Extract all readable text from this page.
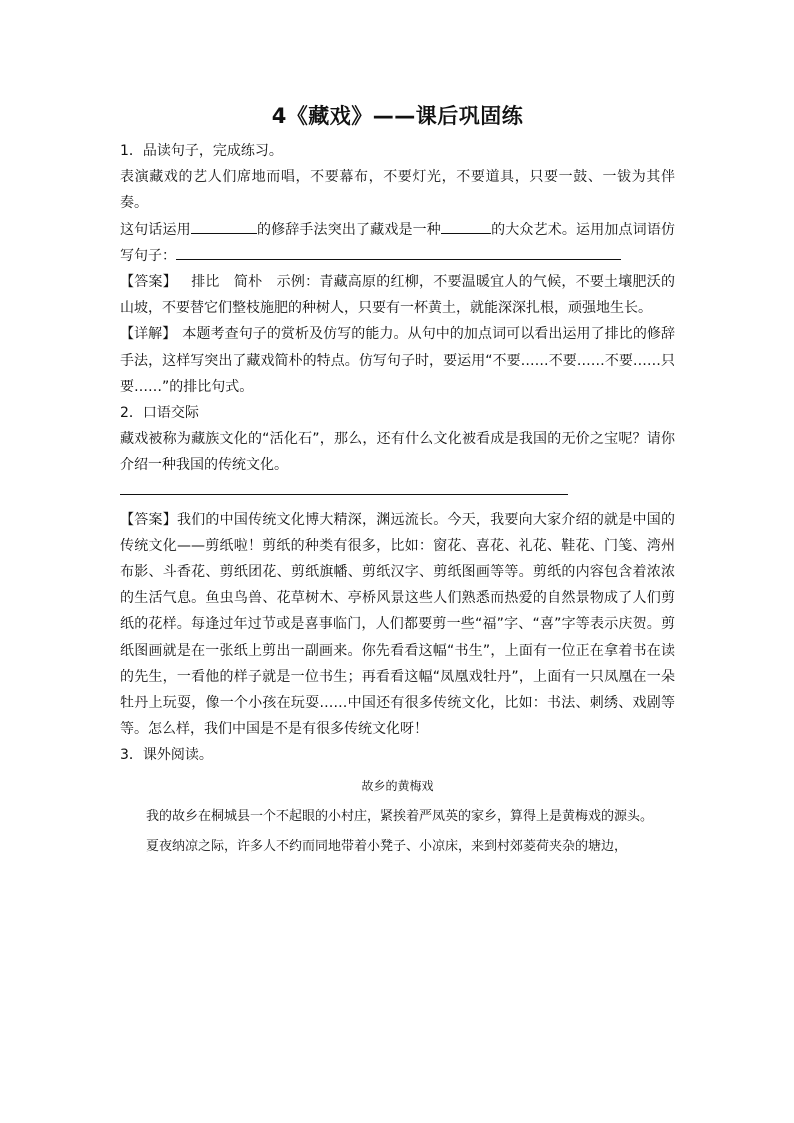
4《藏戏》——课后巩固练

1．品读句子，完成练习。

表演藏戏的艺人们席地而唱，不要幕布，不要灯光，不要道具，只要一鼓、一钹为其伴奏。

这句话运用	的修辞手法突出了藏戏是一种	的大众艺术。运用加点词语仿写句子：

【答案】 排比 简朴 示例：青藏高原的红柳，不要温暖宜人的气候，不要土壤肥沃的山坡，不要替它们整枝施肥的种树人，只要有一杯黄土，就能深深扎根，顽强地生长。

【详解】 本题考查句子的赏析及仿写的能力。从句中的加点词可以看出运用了排比的修辞手法，这样写突出了藏戏简朴的特点。仿写句子时，要运用“不要……不要……不要……只要……”的排比句式。

2．口语交际

藏戏被称为藏族文化的“活化石”，那么，还有什么文化被看成是我国的无价之宝呢？请你介绍一种我国的传统文化。

【答案】我们的中国传统文化博大精深，渊远流长。今天，我要向大家介绍的就是中国的传统文化——剪纸啦！剪纸的种类有很多，比如：窗花、喜花、礼花、鞋花、门笺、湾州布影、斗香花、剪纸团花、剪纸旗幡、剪纸汉字、剪纸图画等等。剪纸的内容包含着浓浓的生活气息。鱼虫鸟兽、花草树木、亭桥风景这些人们熟悉而热爱的自然景物成了人们剪纸的花样。每逢过年过节或是喜事临门，人们都要剪一些“福”字、“喜”字等表示庆贺。剪纸图画就是在一张纸上剪出一副画来。你先看看这幅“书生”，上面有一位正在拿着书在读的先生，一看他的样子就是一位书生；再看看这幅“凤凰戏牡丹”，上面有一只凤凰在一朵牡丹上玩耍，像一个小孩在玩耍……中国还有很多传统文化，比如：书法、刺绣、戏剧等等。怎么样，我们中国是不是有很多传统文化呀！

3．课外阅读。

故乡的黄梅戏

我的故乡在桐城县一个不起眼的小村庄，紧挨着严凤英的家乡，算得上是黄梅戏的源头。

夏夜纳凉之际，许多人不约而同地带着小凳子、小凉床，来到村郊菱荷夹杂的塘边，
